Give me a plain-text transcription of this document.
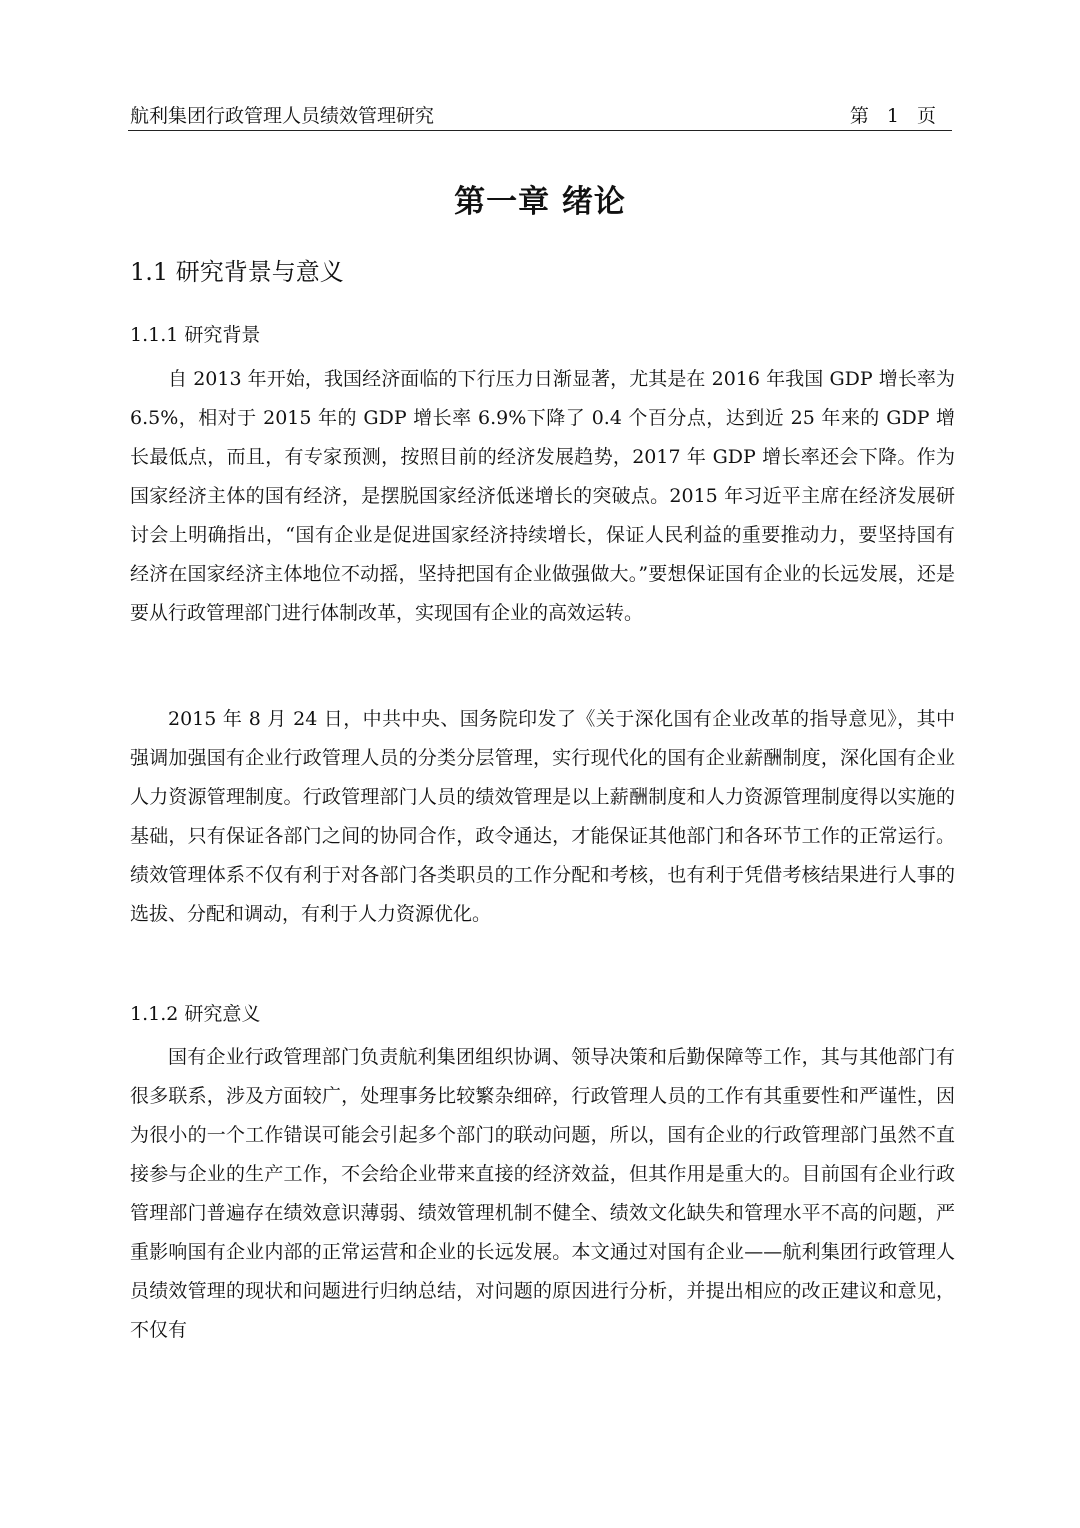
航利集团行政管理人员绩效管理研究	第 1 页
第一章 绪论
1.1 研究背景与意义
1.1.1 研究背景

自 2013 年开始，我国经济面临的下行压力日渐显著，尤其是在 2016 年我国 GDP 增长率为 6.5%，相对于 2015 年的 GDP 增长率 6.9%下降了 0.4 个百分点，达到近 25 年来的 GDP 增长最低点，而且，有专家预测，按照目前的经济发展趋势，2017 年 GDP 增长率还会下降。作为国家经济主体的国有经济，是摆脱国家经济低迷增长的突破点。2015 年习近平主席在经济发展研讨会上明确指出，“国有企业是促进国家经济持续增长，保证人民利益的重要推动力，要坚持国有经济在国家经济主体地位不动摇，坚持把国有企业做强做大。”要想保证国有企业的长远发展，还是要从行政管理部门进行体制改革，实现国有企业的高效运转。

2015 年 8 月 24 日，中共中央、国务院印发了《关于深化国有企业改革的指导意见》，其中强调加强国有企业行政管理人员的分类分层管理，实行现代化的国有企业薪酬制度，深化国有企业人力资源管理制度。行政管理部门人员的绩效管理是以上薪酬制度和人力资源管理制度得以实施的基础，只有保证各部门之间的协同合作，政令通达，才能保证其他部门和各环节工作的正常运行。绩效管理体系不仅有利于对各部门各类职员的工作分配和考核，也有利于凭借考核结果进行人事的选拔、分配和调动，有利于人力资源优化。

1.1.2 研究意义

国有企业行政管理部门负责航利集团组织协调、领导决策和后勤保障等工作，其与其他部门有很多联系，涉及方面较广，处理事务比较繁杂细碎，行政管理人员的工作有其重要性和严谨性，因为很小的一个工作错误可能会引起多个部门的联动问题，所以，国有企业的行政管理部门虽然不直接参与企业的生产工作，不会给企业带来直接的经济效益，但其作用是重大的。目前国有企业行政管理部门普遍存在绩效意识薄弱、绩效管理机制不健全、绩效文化缺失和管理水平不高的问题，严重影响国有企业内部的正常运营和企业的长远发展。本文通过对国有企业——航利集团行政管理人员绩效管理的现状和问题进行归纳总结，对问题的原因进行分析，并提出相应的改正建议和意见，不仅有
